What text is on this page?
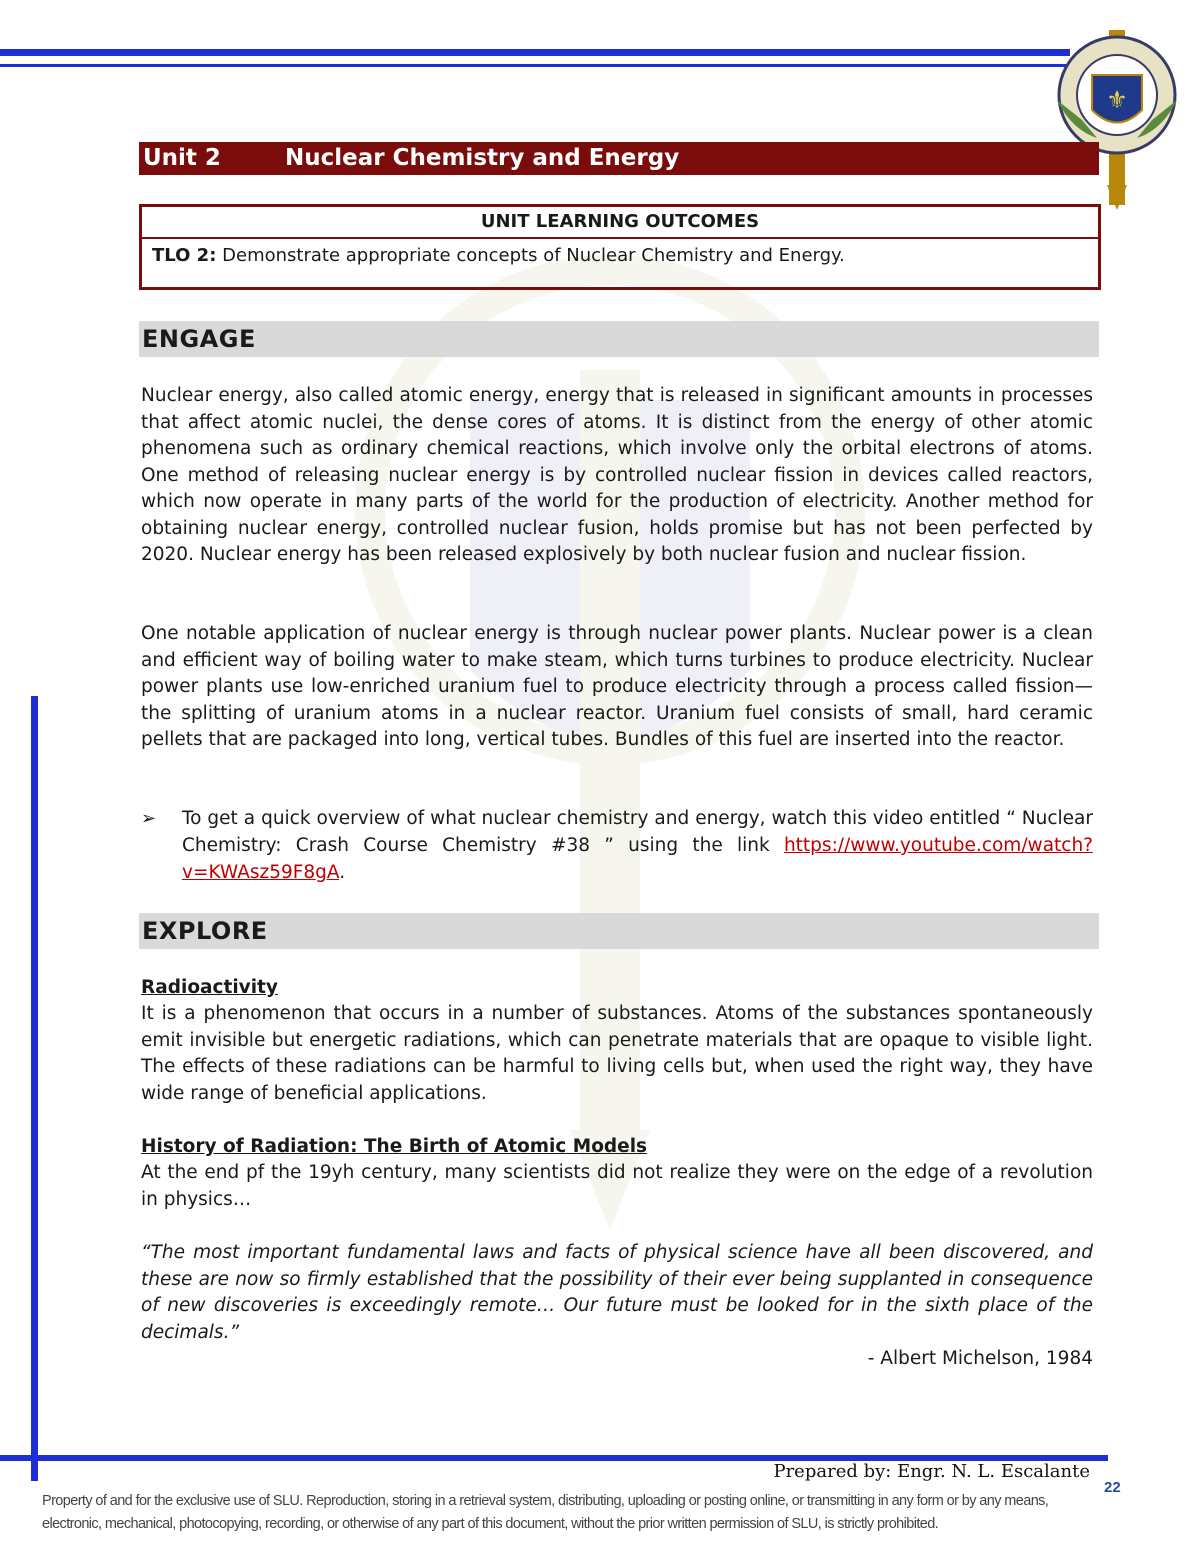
⚜
Unit 2	Nuclear Chemistry and Energy
UNIT LEARNING OUTCOMES
TLO 2: Demonstrate appropriate concepts of Nuclear Chemistry and Energy.
ENGAGE

Nuclear energy, also called atomic energy, energy that is released in significant amounts in processes that affect atomic nuclei, the dense cores of atoms. It is distinct from the energy of other atomic phenomena such as ordinary chemical reactions, which involve only the orbital electrons of atoms. One method of releasing nuclear energy is by controlled nuclear fission in devices called reactors, which now operate in many parts of the world for the production of electricity. Another method for obtaining nuclear energy, controlled nuclear fusion, holds promise but has not been perfected by 2020. Nuclear energy has been released explosively by both nuclear fusion and nuclear fission.

One notable application of nuclear energy is through nuclear power plants. Nuclear power is a clean and efficient way of boiling water to make steam, which turns turbines to produce electricity. Nuclear power plants use low-enriched uranium fuel to produce electricity through a process called fission—the splitting of uranium atoms in a nuclear reactor. Uranium fuel consists of small, hard ceramic pellets that are packaged into long, vertical tubes. Bundles of this fuel are inserted into the reactor.

➢	To get a quick overview of what nuclear chemistry and energy, watch this video entitled “ Nuclear Chemistry: Crash Course Chemistry #38 ” using the link https://www.youtube.com/watch?v=KWAsz59F8gA.
EXPLORE
Radioactivity

It is a phenomenon that occurs in a number of substances. Atoms of the substances spontaneously emit invisible but energetic radiations, which can penetrate materials that are opaque to visible light. The effects of these radiations can be harmful to living cells but, when used the right way, they have wide range of beneficial applications.

History of Radiation: The Birth of Atomic Models

At the end pf the 19yh century, many scientists did not realize they were on the edge of a revolution in physics…

“The most important fundamental laws and facts of physical science have all been discovered, and these are now so firmly established that the possibility of their ever being supplanted in consequence of new discoveries is exceedingly remote… Our future must be looked for in the sixth place of the decimals.”

- Albert Michelson, 1984
Prepared by: Engr. N. L. Escalante
22
Property of and for the exclusive use of SLU. Reproduction, storing in a retrieval system, distributing, uploading or posting online, or transmitting in any form or by any means, electronic, mechanical, photocopying, recording, or otherwise of any part of this document, without the prior written permission of SLU, is strictly prohibited.
